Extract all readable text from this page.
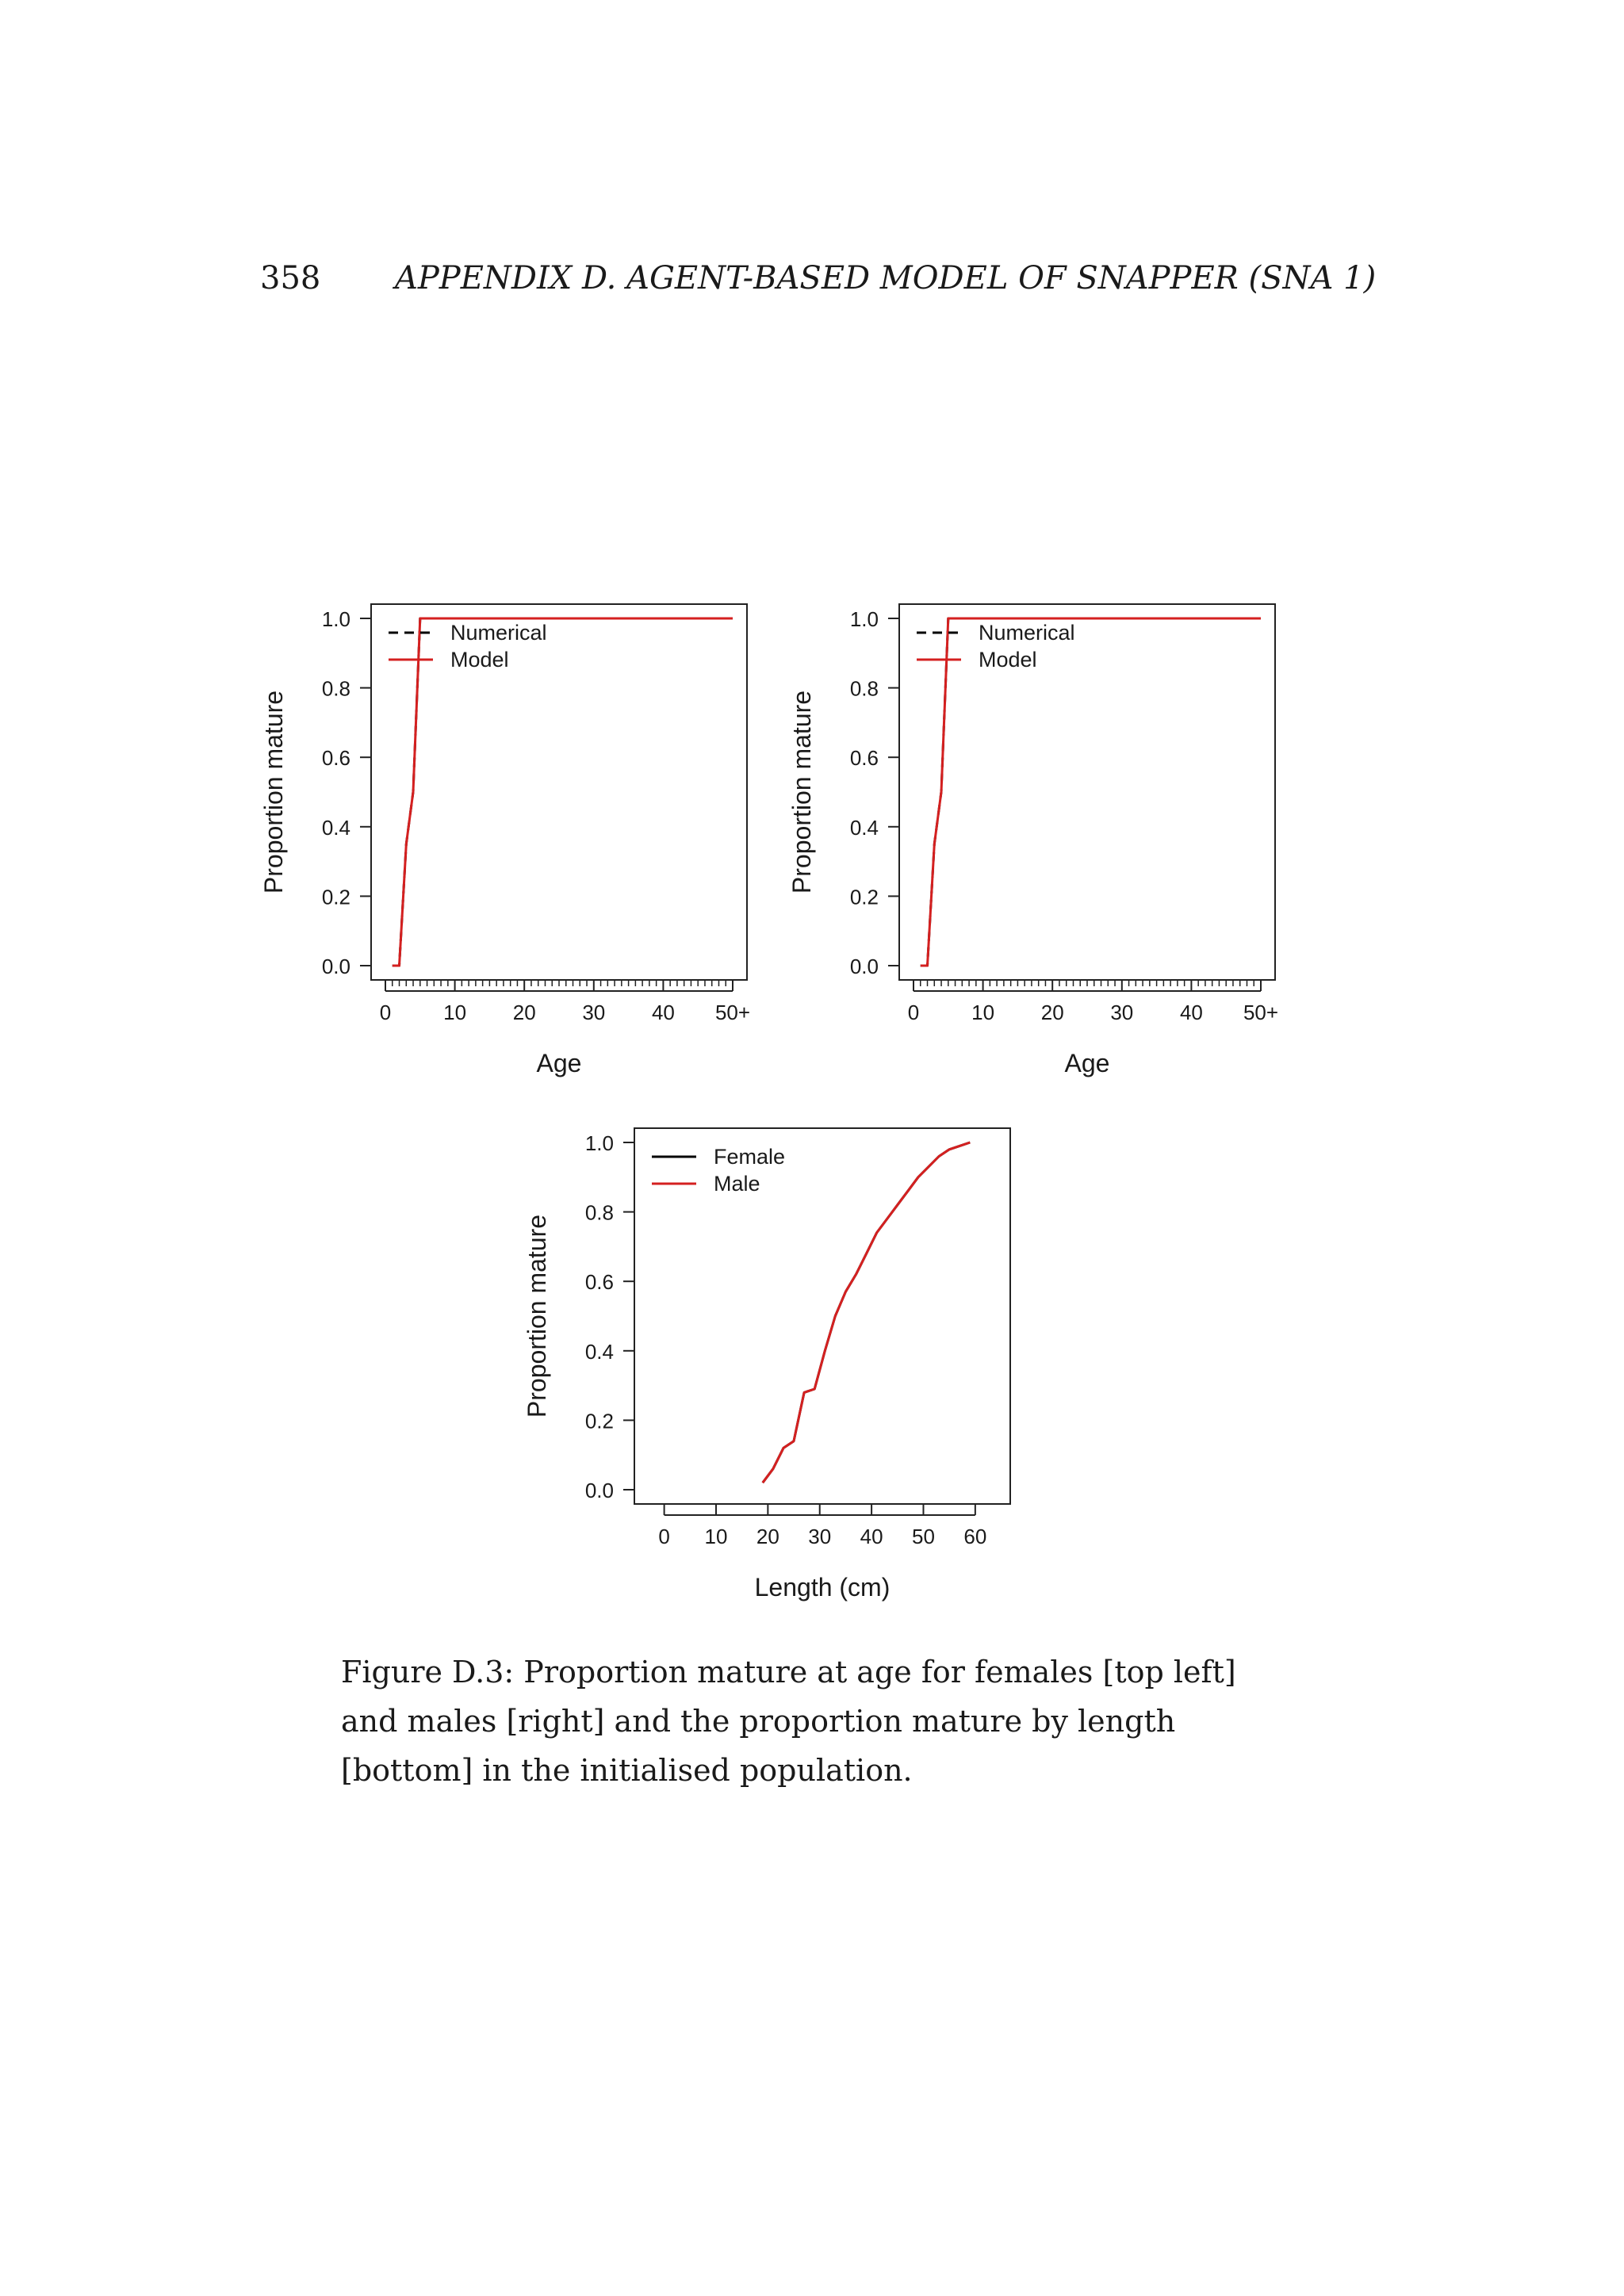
358 APPENDIX D. AGENT-BASED MODEL OF SNAPPER (SNA 1)
0.0
0.2
0.4
0.6
0.8
1.0
0	10 20 30 40 50+
Age
Proportion mature
Numerical
Model
0.0
0.2
0.4
0.6
0.8
1.0
0	10 20 30 40 50+
Age
Proportion mature
Numerical
Model
0.0
0.2
0.4
0.6
0.8
1.0
0 10 20 30 40 50 60
Length (cm)
Proportion mature
Female
Male
Figure D.3: Proportion mature at age for females [top left] and males [right] and the proportion mature by length [bottom] in the initialised population.
